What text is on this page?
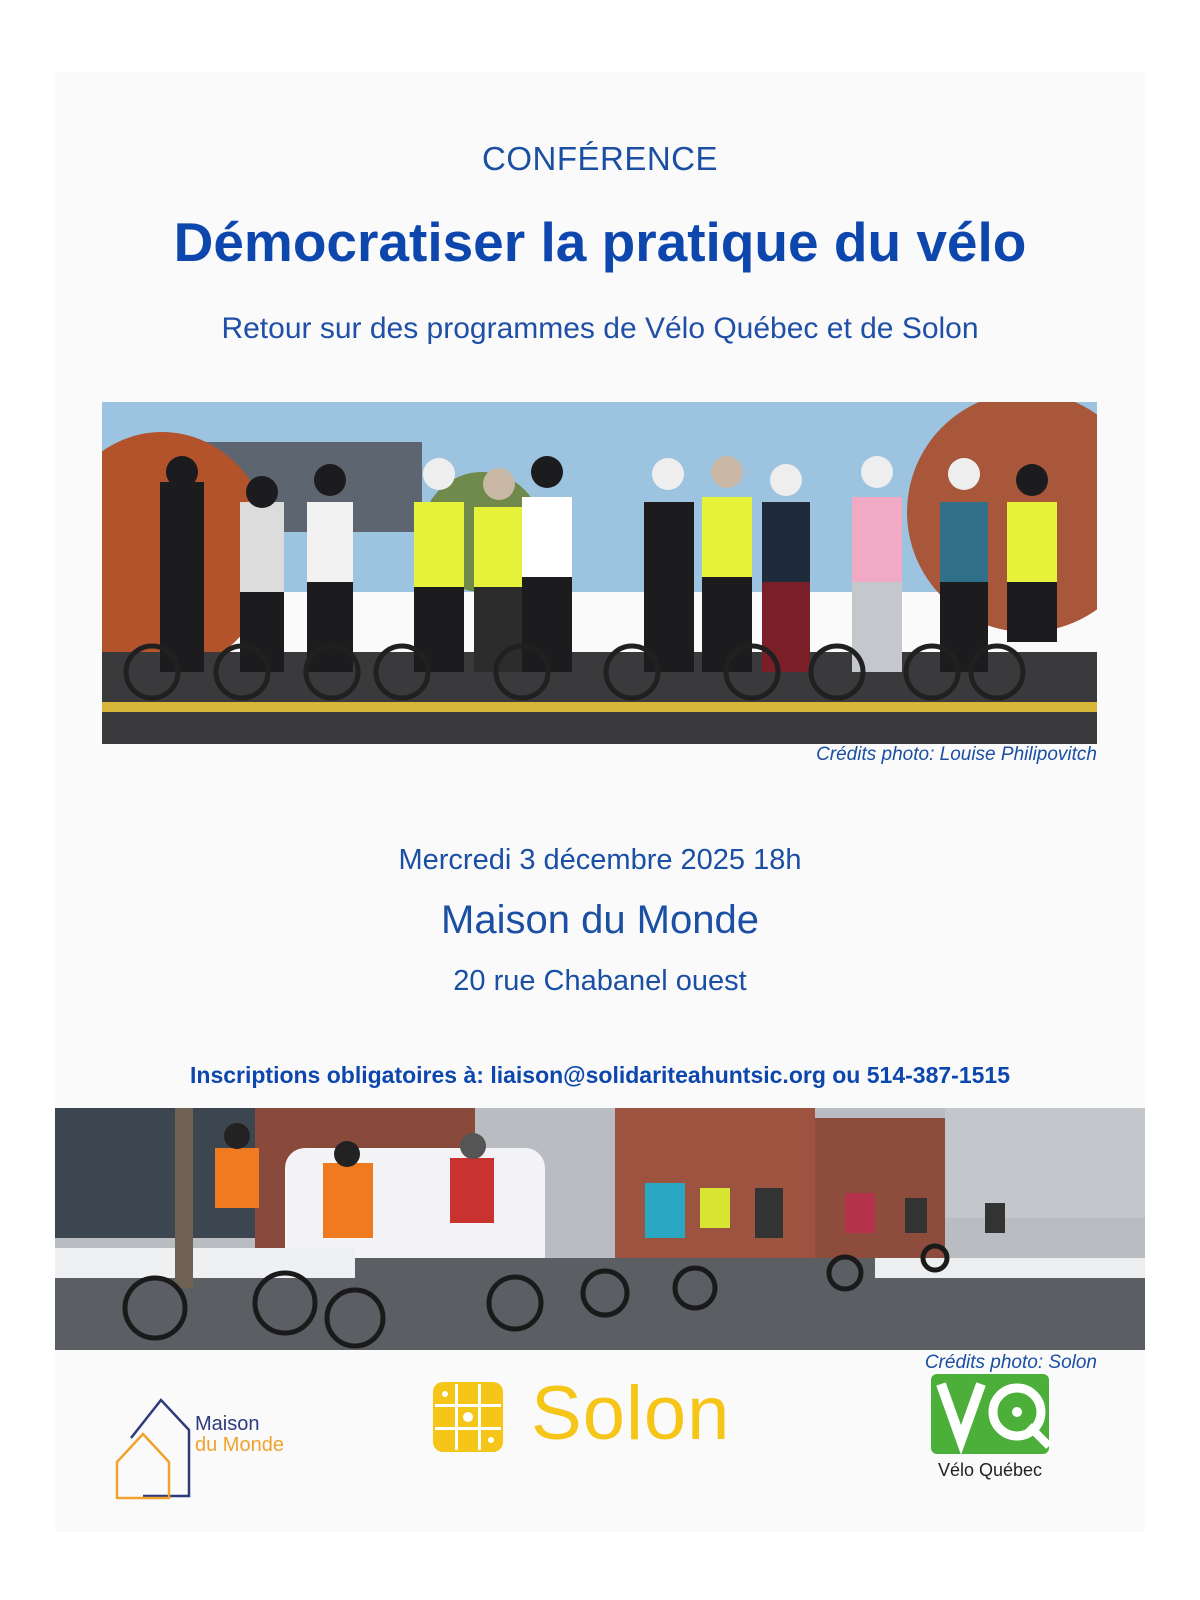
CONFÉRENCE
Démocratiser la pratique du vélo
Retour sur des programmes de Vélo Québec et de Solon
Crédits photo: Louise Philipovitch
Mercredi 3 décembre 2025 18h
Maison du Monde
20 rue Chabanel ouest
Inscriptions obligatoires à: liaison@solidariteahuntsic.org ou 514-387-1515
Crédits photo: Solon
Maison
du Monde	Solon
Vélo Québec
